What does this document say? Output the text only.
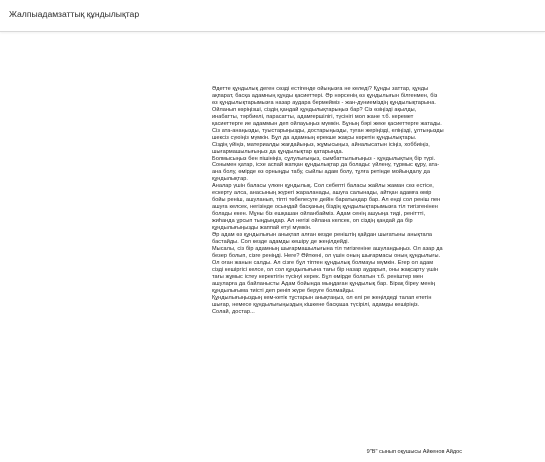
Жалпыадамзаттық құндылықтар

Әдетте құндылық деген сөзді естігенде ойыңызға не келеді? Құнды заттар, құнды ақпарат, басқа адамның құнды қасиеттері. Әр нәрсенің өз құндылығын білгенмен, біз өз құндылықтарымызға назар аудара бермейміз - жан-дүниеміздің құндылықтарына.

Ойланып көріңізші, сіздің қандай құндылықтарыңыз бар? Сіз өзіңізді ақылды, инабатты, тәрбиелі, парасатты, адамгершілігі, түсінігі мол жане т.б. керемет қасиеттерге ие адаммын деп ойлауыңыз мүмкін. Бұның бәрі жеке қасиеттерге жатады.

Сіз ата-анаңызды, туыстарыңызды, достарыңызды, туған жеріңізді, еліңізді, ұлтыңызды шексіз сүюіңіз мүмкін. Бұл да адамның ерекше жақсы көретін құндылықтары.

Сіздің үйіңіз, материалды жағдайыңыз, жұмысыңыз, айналысатын ісіңіз, хоббиіңіз, шығармашылығыңыз да құндылықтар қатарында.

Болмысыңыз бен пішініңіз, сұлулығыңыз, сымбаттылығыңыз - құндылықтың бір түрі.

Сонымен қатар, ісхе аспай жатқан құндылықтар да болады: үйлену, тұрмыс құру, ата-ана болу, өмірде өз орныңды табу, сыйлы адам болу, тұлға ретінде мойындалу да құндылықтар.

Аналар үшін баласы үлкен құндылық. Сол себепті баласы жайлы жаман сөз естісе, ескерту алса, анасының жүрегі жараланады, ашуға салынады, айтқан адамға өмір бойы реніш, ашуланып, тіпті төбелесуге дейін баратындар бар. Ал енді сол реніш пен ашуға келсек, негізінде осындай басқаның біздің құндылықтарымызға тіл тигізгенінен болады екен. Мұны біз ешқашан ойланбайміз. Адам сенің ашуыңа тиді, реніттті, жиһанда ұрсып тыңдыңдар. Ал негізі ойлана келсек, оп сіздің қандай да бір құндылығыңызды жаппай етуі мүмкін.

Әр адам өз құндылығын анықтап алған кезде реніштің қайдан шығатыны анықтала бастайды. Сол кезде адамды кешіру де жеңілдейді.

Мысалы, сіз бір адамның шығармашылығына тіл тигізгеніне ашуландыңыз. Ол азар да безер болып, сізге реніңді. Неге? Өйткені, ол үшін оның шығармасы оның құндылығы. Ол оған жанын салды. Ал сізге бұл тіптен құндылық болмауы мүмкін. Егер ол адам сізді кешіргісі келсе, ол сол құндылығына тағы бір назар аударып, оны жақсарту үшін тағы жұмыс істеу керектігін түсінуі керек. Бұл өмірде болатын т.б. реніштер мен ашуларға да байланысты Адам бойында мыңдаған құндылық бар. Бірақ біреу менің құндылығыма тиісті деп реніп жүре беруге болмайды.

Құндылығыңыздың кем-кетік тұстарын анықтаңыз, ол елі ре жеңілдеді талап ететін шығар, немесе құндылығыңыздың кішкене басқаша түсірілі, адамды кешіріңіз.

Солай, достар...

9"В" сынып оқушысы Айкенов Айдос
